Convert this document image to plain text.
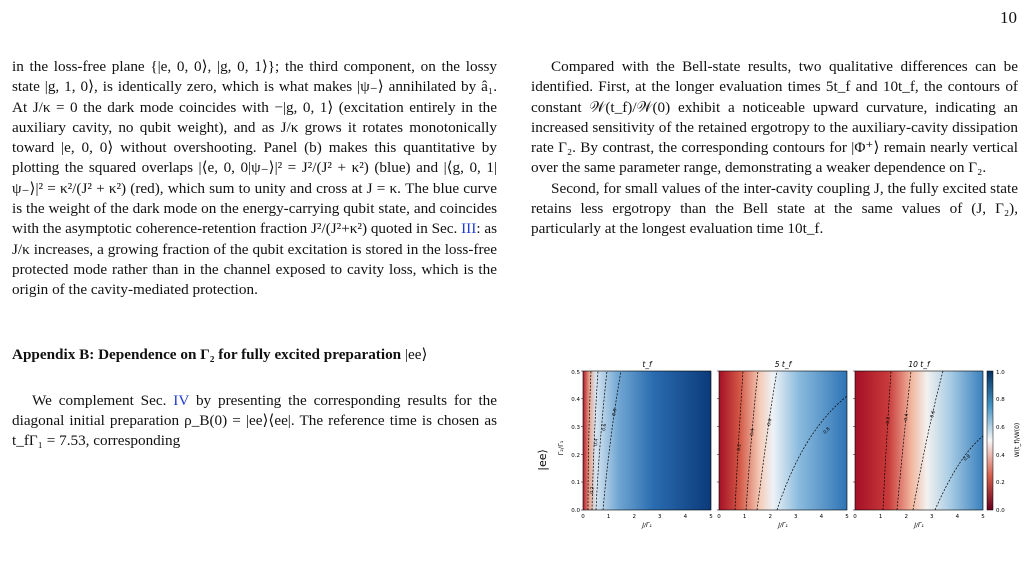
10

in the loss-free plane {|e, 0, 0⟩, |g, 0, 1⟩}; the third component, on the lossy state |g, 1, 0⟩, is identically zero, which is what makes |ψ₋⟩ annihilated by â₁. At J/κ = 0 the dark mode coincides with −|g, 0, 1⟩ (excitation entirely in the auxiliary cavity, no qubit weight), and as J/κ grows it rotates monotonically toward |e, 0, 0⟩ without overshooting. Panel (b) makes this quantitative by plotting the squared overlaps |⟨e, 0, 0|ψ₋⟩|² = J²/(J² + κ²) (blue) and |⟨g, 0, 1|ψ₋⟩|² = κ²/(J² + κ²) (red), which sum to unity and cross at J = κ. The blue curve is the weight of the dark mode on the energy-carrying qubit state, and coincides with the asymptotic coherence-retention fraction J²/(J²+κ²) quoted in Sec. III: as J/κ increases, a growing fraction of the qubit excitation is stored in the loss-free protected mode rather than in the channel exposed to cavity loss, which is the origin of the cavity-mediated protection.

Appendix B: Dependence on Γ₂ for fully excited preparation |ee⟩

We complement Sec. IV by presenting the corresponding results for the diagonal initial preparation ρ_B(0) = |ee⟩⟨ee|. The reference time is chosen as t_fΓ₁ = 7.53, corresponding

Compared with the Bell-state results, two qualitative differences can be identified. First, at the longer evaluation times 5t_f and 10t_f, the contours of constant 𝒲(t_f)/𝒲(0) exhibit a noticeable upward curvature, indicating an increased sensitivity of the retained ergotropy to the auxiliary-cavity dissipation rate Γ₂. By contrast, the corresponding contours for |Φ⁺⟩ remain nearly vertical over the same parameter range, demonstrating a weaker dependence on Γ₂.

Second, for small values of the inter-cavity coupling J, the fully excited state retains less ergotropy than the Bell state at the same values of (J, Γ₂), particularly at the longest evaluation time 10t_f.

|ee⟩
Γ₂/Γ₁
t_f	5 t_f	10 t_f
0.2
0.4
0.6
0.8
0.2
0.4
0.6
0.8
0.2	0.4	0.6
0.8
0.0
0.1
0.2
0.3
0.4
0.5
0	1	2	3	4	5 0	1	2	3	4	5 0	1	2	3	4	5
J/Γ₁	J/Γ₁	J/Γ₁
0.0
0.2
0.4
0.6
0.8
1.0
W(t_f)/W(0)
